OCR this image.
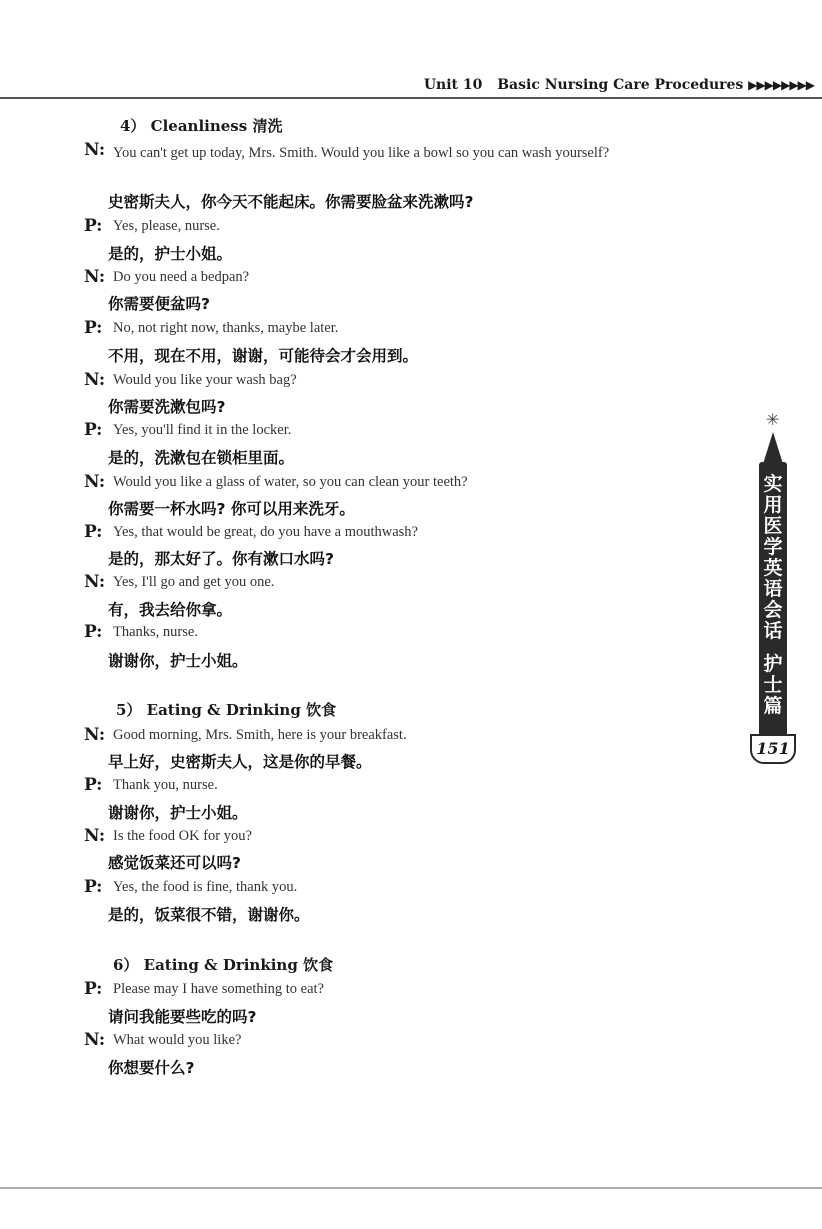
Unit 10 Basic Nursing Care Procedures ▶▶▶▶▶▶▶▶
4） Cleanliness 清洗
N: You can't get up today, Mrs. Smith. Would you like a bowl so you can wash yourself?
史密斯夫人，你今天不能起床。你需要脸盆来洗漱吗?
P: Yes, please, nurse.
是的，护士小姐。
N: Do you need a bedpan?
你需要便盆吗?
P: No, not right now, thanks, maybe later.
不用，现在不用，谢谢，可能待会才会用到。
N: Would you like your wash bag?
你需要洗漱包吗?
P: Yes, you'll find it in the locker.
是的，洗漱包在锁柜里面。
N: Would you like a glass of water, so you can clean your teeth?
你需要一杯水吗? 你可以用来洗牙。
P: Yes, that would be great, do you have a mouthwash?
是的，那太好了。你有漱口水吗?
N: Yes, I'll go and get you one.
有，我去给你拿。
P: Thanks, nurse.
谢谢你，护士小姐。
5） Eating & Drinking 饮食
N: Good morning, Mrs. Smith, here is your breakfast.
早上好，史密斯夫人，这是你的早餐。
P: Thank you, nurse.
谢谢你，护士小姐。
N: Is the food OK for you?
感觉饭菜还可以吗?
P: Yes, the food is fine, thank you.
是的，饭菜很不错，谢谢你。
6） Eating & Drinking 饮食
P: Please may I have something to eat?
请问我能要些吃的吗?
N: What would you like?
你想要什么?
✳
实
用
医
学
英
语
会
话
护
士
篇
151
